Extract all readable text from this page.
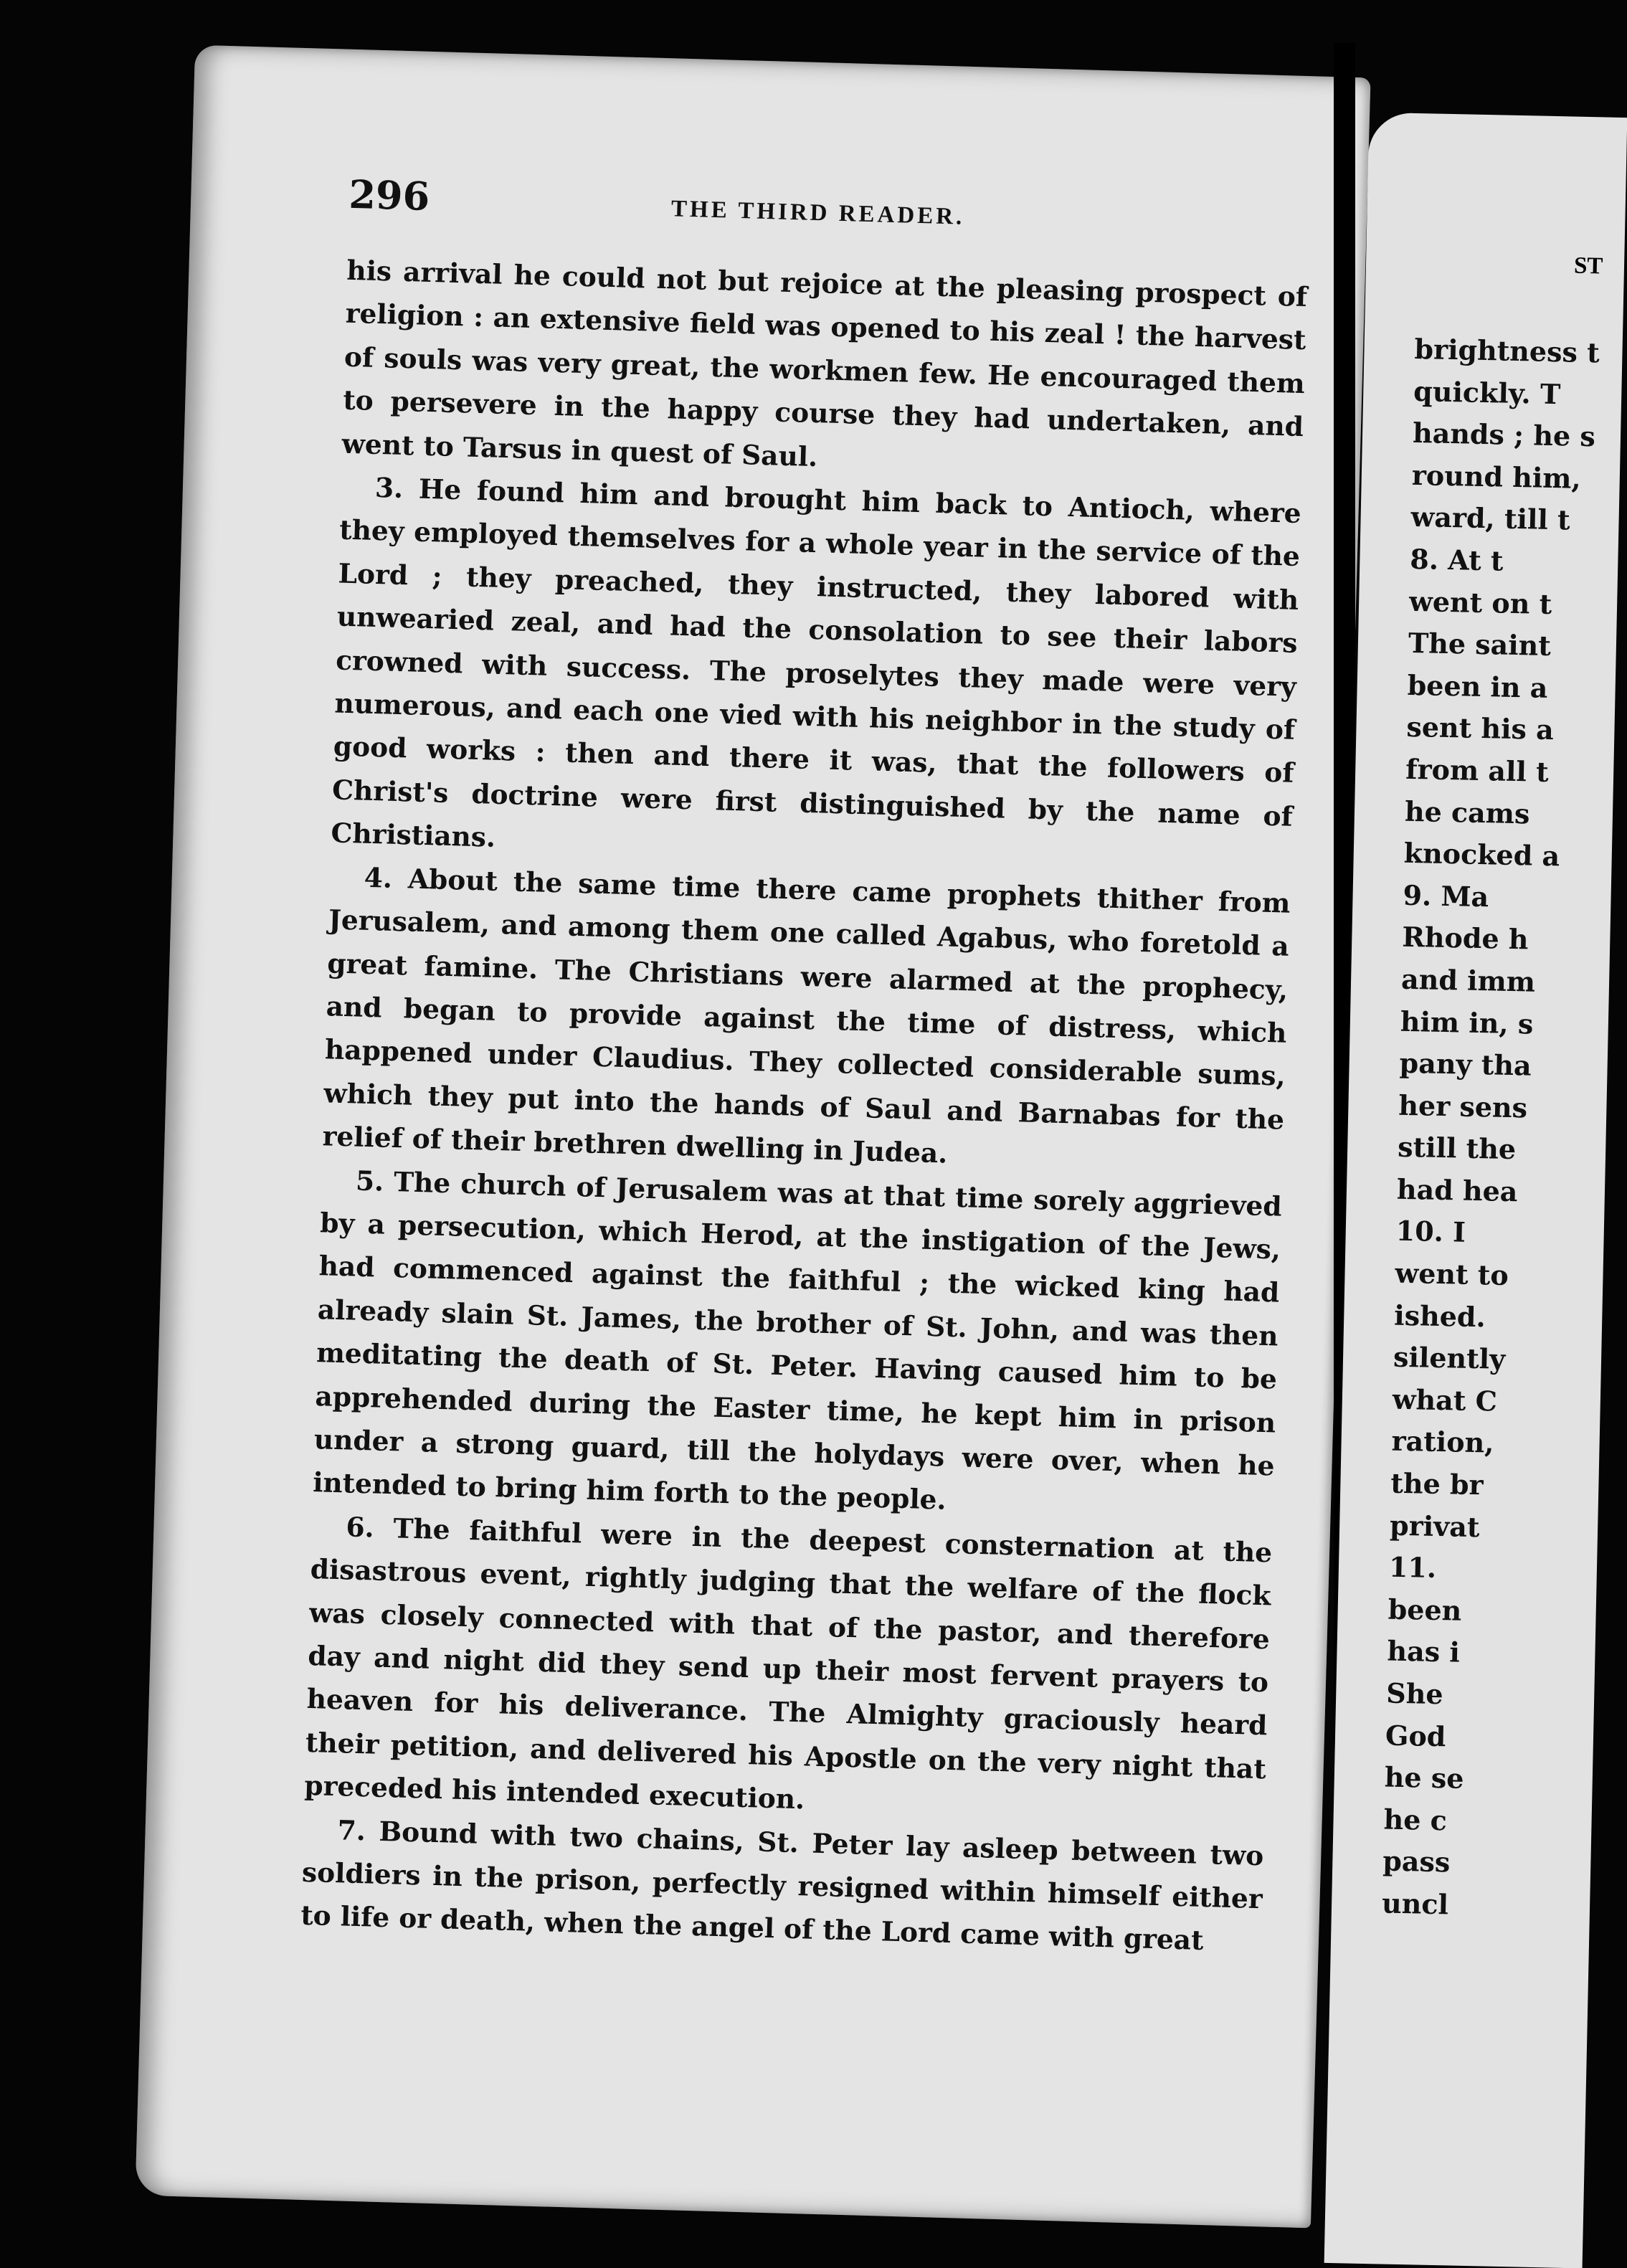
296	THE THIRD READER.

his arrival he could not but rejoice at the pleasing prospect of religion : an extensive field was opened to his zeal ! the harvest of souls was very great, the workmen few. He encouraged them to persevere in the happy course they had undertaken, and went to Tarsus in quest of Saul.

3. He found him and brought him back to Antioch, where they employed themselves for a whole year in the service of the Lord ; they preached, they instructed, they labored with unwearied zeal, and had the consolation to see their labors crowned with success. The proselytes they made were very numerous, and each one vied with his neighbor in the study of good works : then and there it was, that the followers of Christ's doctrine were first distinguished by the name of Christians.

4. About the same time there came prophets thither from Jerusalem, and among them one called Agabus, who foretold a great famine. The Christians were alarmed at the prophecy, and began to provide against the time of distress, which happened under Claudius. They collected considerable sums, which they put into the hands of Saul and Barnabas for the relief of their brethren dwelling in Judea.

5. The church of Jerusalem was at that time sorely aggrieved by a persecution, which Herod, at the instigation of the Jews, had commenced against the faithful ; the wicked king had already slain St. James, the brother of St. John, and was then meditating the death of St. Peter. Having caused him to be apprehended during the Easter time, he kept him in prison under a strong guard, till the holydays were over, when he intended to bring him forth to the people.

6. The faithful were in the deepest consternation at the disastrous event, rightly judging that the welfare of the flock was closely connected with that of the pastor, and therefore day and night did they send up their most fervent prayers to heaven for his deliverance. The Almighty graciously heard their petition, and delivered his Apostle on the very night that preceded his intended execution.

7. Bound with two chains, St. Peter lay asleep between two soldiers in the prison, perfectly resigned within himself either to life or death, when the angel of the Lord came with great

ST
brightness t
quickly. T
hands ; he s
round him,
ward, till t
8. At t
went on t
The saint
been in a
sent his a
from all t
he cams
knocked a
9. Ma
Rhode h
and imm
him in, s
pany tha
her sens
still the
had hea
10. I
went to
ished.
silently
what C
ration,
the br
privat
11.
been
has i
She
God
he se
he c
pass
uncl
